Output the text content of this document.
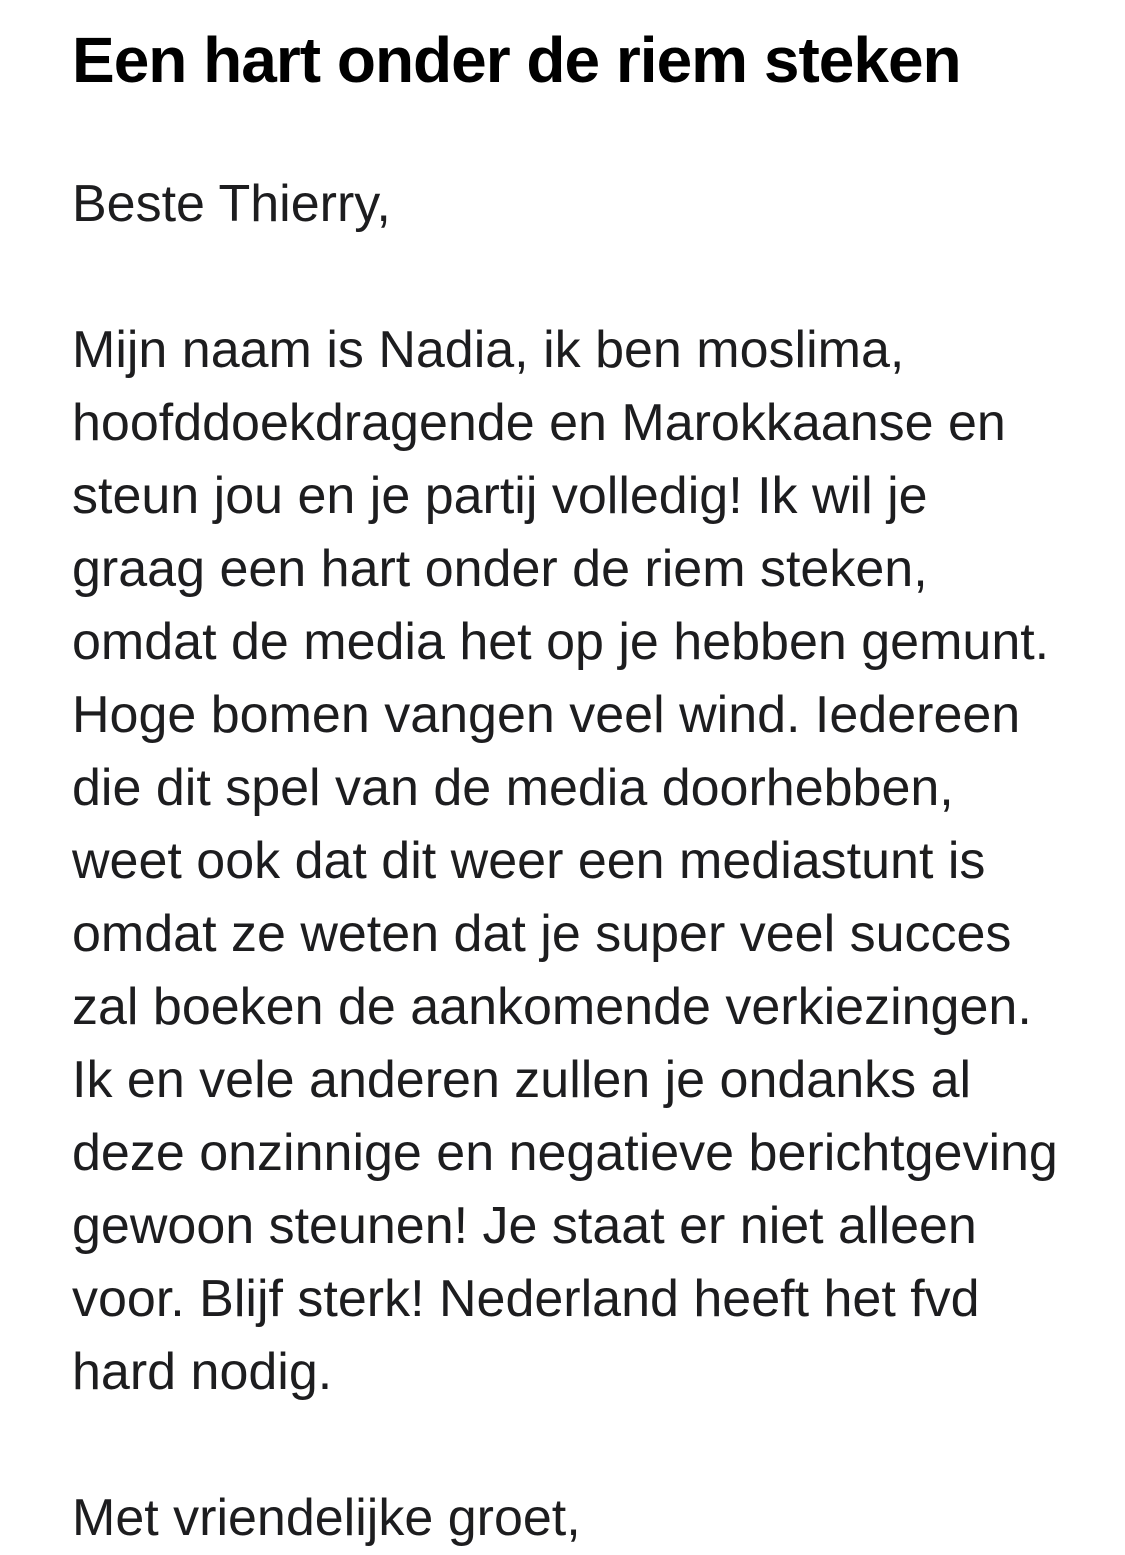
Een hart onder de riem steken

Beste Thierry,

Mijn naam is Nadia, ik ben moslima,
hoofddoekdragende en Marokkaanse en
steun jou en je partij volledig! Ik wil je
graag een hart onder de riem steken,
omdat de media het op je hebben gemunt.
Hoge bomen vangen veel wind. Iedereen
die dit spel van de media doorhebben,
weet ook dat dit weer een mediastunt is
omdat ze weten dat je super veel succes
zal boeken de aankomende verkiezingen.
Ik en vele anderen zullen je ondanks al
deze onzinnige en negatieve berichtgeving
gewoon steunen! Je staat er niet alleen
voor. Blijf sterk! Nederland heeft het fvd
hard nodig.

Met vriendelijke groet,
